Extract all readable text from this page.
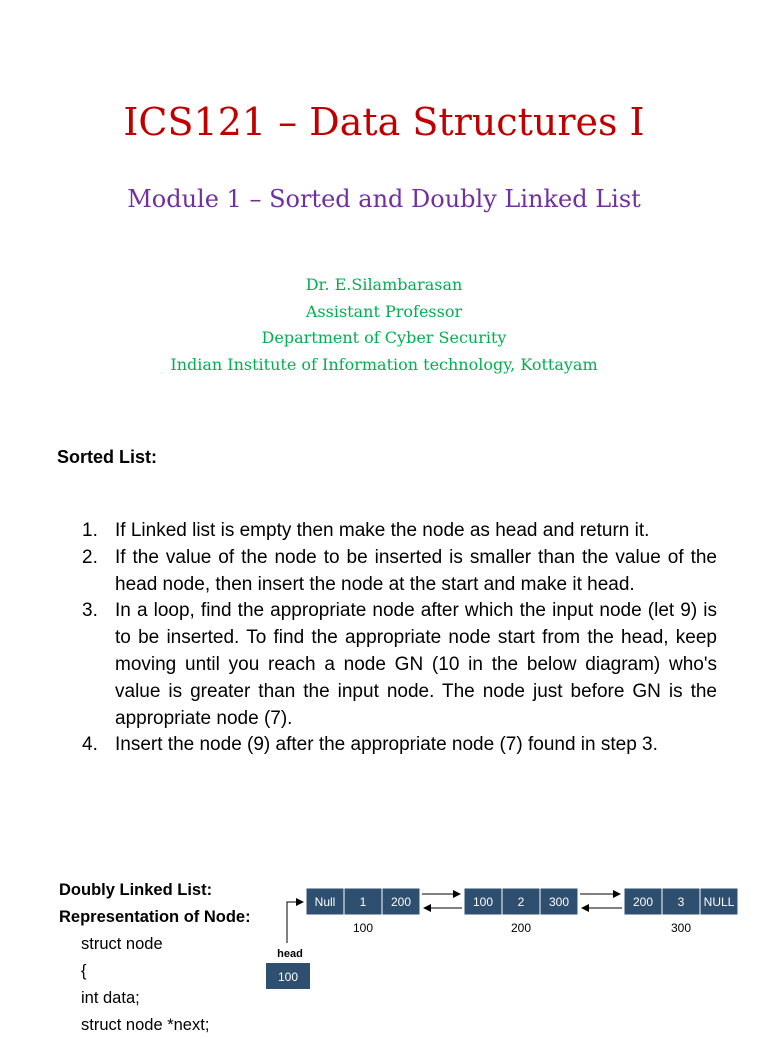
ICS121 – Data Structures I
Module 1 – Sorted and Doubly Linked List
Dr. E.Silambarasan
Assistant Professor
Department of Cyber Security
Indian Institute of Information technology, Kottayam
Sorted List:
1. If Linked list is empty then make the node as head and return it.
2. If the value of the node to be inserted is smaller than the value of the head node, then insert the node at the start and make it head.
3. In a loop, find the appropriate node after which the input node (let 9) is to be inserted. To find the appropriate node start from the head, keep moving until you reach a node GN (10 in the below diagram) who's value is greater than the input node. The node just before GN is the appropriate node (7).
4. Insert the node (9) after the appropriate node (7) found in step 3.
Doubly Linked List:
Representation of Node:
struct node
{
int data;
struct node *next;
Null 1 200
100
100 2 300
200
200 3 NULL
300
head
100
